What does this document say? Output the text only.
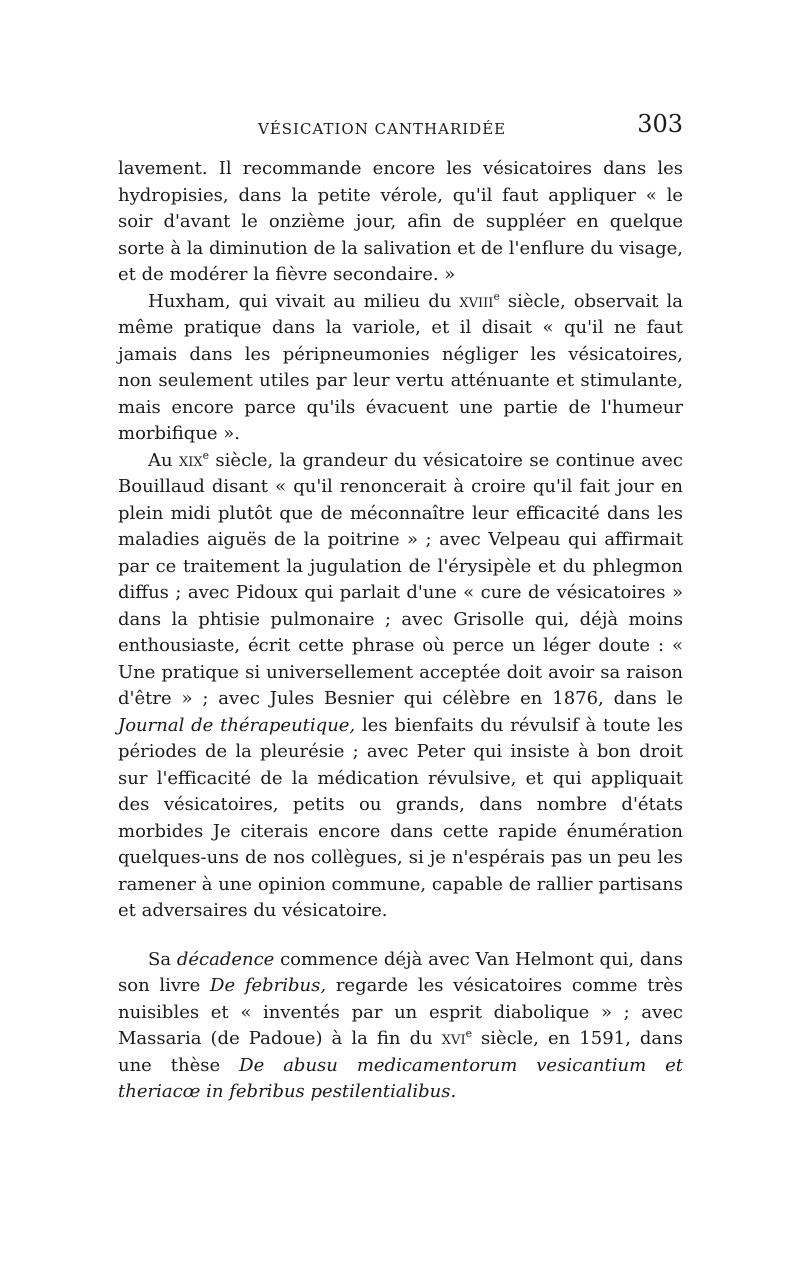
VÉSICATION CANTHARIDÉE	303

lavement. Il recommande encore les vésicatoires dans les hydropisies, dans la petite vérole, qu'il faut appliquer « le soir d'avant le onzième jour, afin de suppléer en quelque sorte à la diminution de la salivation et de l'enflure du visage, et de modérer la fièvre secondaire. »

Huxham, qui vivait au milieu du xviii$^e$ siècle, observait la même pratique dans la variole, et il disait « qu'il ne faut jamais dans les péripneumonies négliger les vésicatoires, non seulement utiles par leur vertu atténuante et stimulante, mais encore parce qu'ils évacuent une partie de l'humeur morbifique ».

Au xix$^e$ siècle, la grandeur du vésicatoire se continue avec Bouillaud disant « qu'il renoncerait à croire qu'il fait jour en plein midi plutôt que de méconnaître leur efficacité dans les maladies aiguës de la poitrine » ; avec Velpeau qui affirmait par ce traitement la jugulation de l'érysipèle et du phlegmon diffus ; avec Pidoux qui parlait d'une « cure de vésicatoires » dans la phtisie pulmonaire ; avec Grisolle qui, déjà moins enthousiaste, écrit cette phrase où perce un léger doute : « Une pratique si universellement acceptée doit avoir sa raison d'être » ; avec Jules Besnier qui célèbre en 1876, dans le Journal de thérapeutique, les bienfaits du révulsif à toute les périodes de la pleurésie ; avec Peter qui insiste à bon droit sur l'efficacité de la médication révulsive, et qui appliquait des vésicatoires, petits ou grands, dans nombre d'états morbides Je citerais encore dans cette rapide énumération quelques-uns de nos collègues, si je n'espérais pas un peu les ramener à une opinion commune, capable de rallier partisans et adversaires du vésicatoire.

Sa décadence commence déjà avec Van Helmont qui, dans son livre De febribus, regarde les vésicatoires comme très nuisibles et « inventés par un esprit diabolique » ; avec Massaria (de Padoue) à la fin du xvi$^e$ siècle, en 1591, dans une thèse De abusu medicamentorum vesicantium et theriacœ in febribus pestilentialibus.
